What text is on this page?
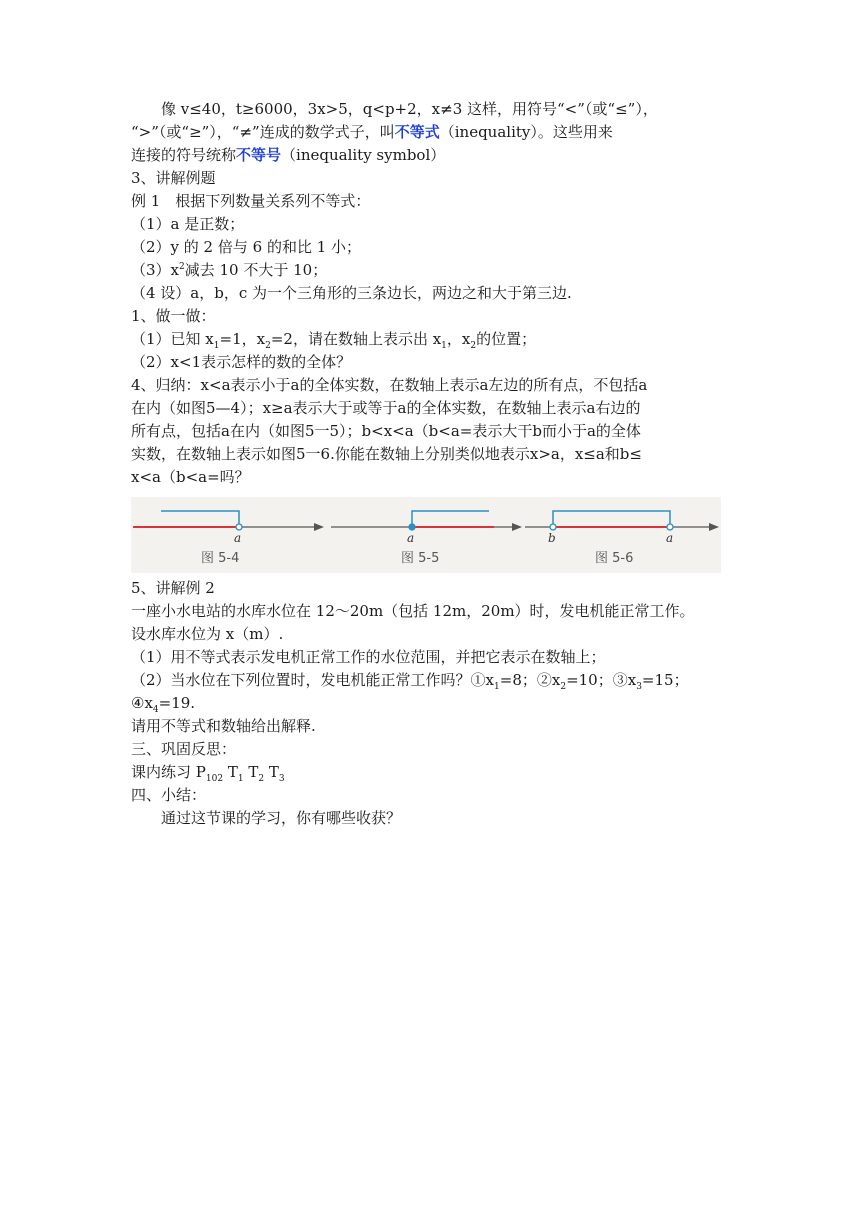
像 v≤40，t≥6000，3x>5，q<p+2，x≠3 这样，用符号“<”（或“≤”），
“>”（或“≥”），“≠”连成的数学式子，叫不等式（inequality）。这些用来
连接的符号统称不等号（inequality symbol）
3、讲解例题
例 1　根据下列数量关系列不等式：
（1）a 是正数；
（2）y 的 2 倍与 6 的和比 1 小；
$(3)x^2$减去 10 不大于 10；
（4 设）a，b，c 为一个三角形的三条边长，两边之和大于第三边.
1、做一做：
（1）已知 $x_1=1$，$x_2=2$，请在数轴上表示出 $x_1$，$x_2$的位置；
（2）x<1表示怎样的数的全体？
4、归纳：x<a表示小于a的全体实数，在数轴上表示a左边的所有点，不包括a
在内（如图5—4）；x≥a表示大于或等于a的全体实数，在数轴上表示a右边的
所有点，包括a在内（如图5一5）；b<x<a（b<a=表示大干b而小于a的全体
实数，在数轴上表示如图5一6.你能在数轴上分别类似地表示x>a，x≤a和b≤
x<a（b<a=吗？
a
图 5-4
a
图 5-5
b	a
图 5-6
5、讲解例 2
一座小水电站的水库水位在 12～20m（包括 12m，20m）时，发电机能正常工作。
设水库水位为 x（m）.
（1）用不等式表示发电机正常工作的水位范围，并把它表示在数轴上；
（2）当水位在下列位置时，发电机能正常工作吗？$①x_1=8$；$②x_2=10$；$③x_3=15$；
$④x_4=19$.
请用不等式和数轴给出解释.
三、巩固反思：
课内练习 $P_{102}$ $T_1$ $T_2$ $T_3$
四、小结：
通过这节课的学习，你有哪些收获？
